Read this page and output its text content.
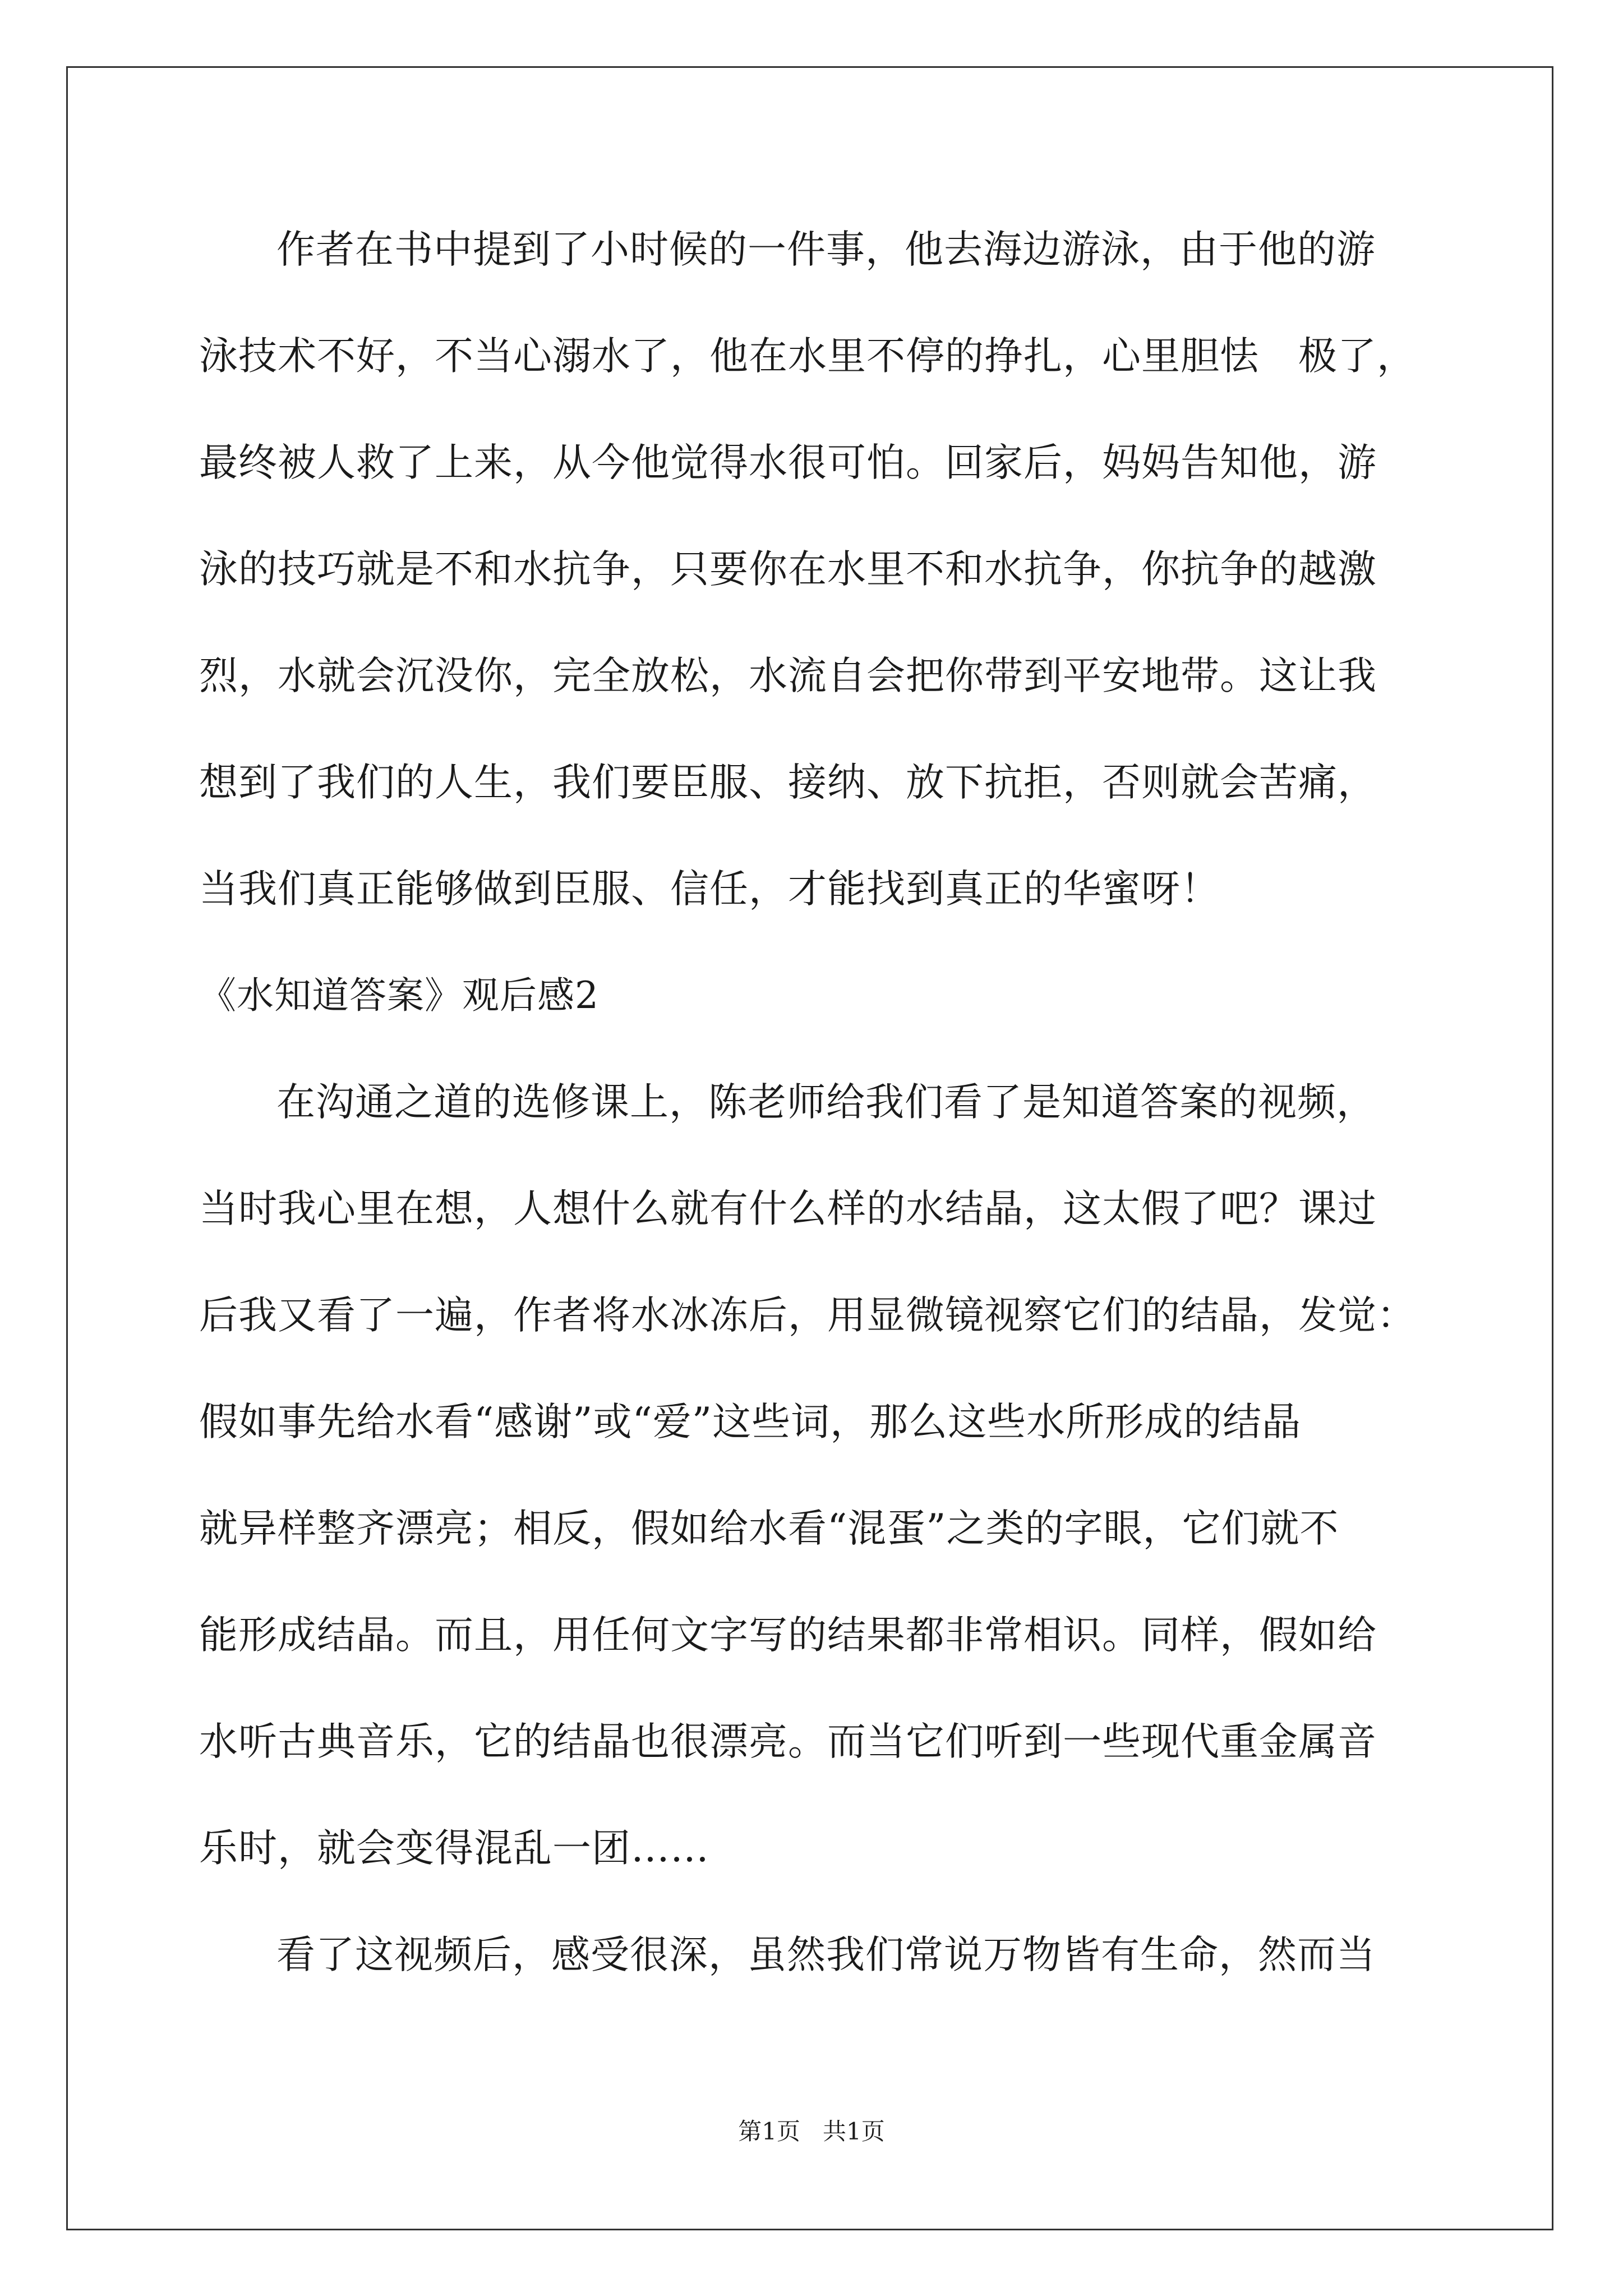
作者在书中提到了小时候的一件事，他去海边游泳，由于他的游
泳技术不好，不当心溺水了，他在水里不停的挣扎，心里胆怯　极了，
最终被人救了上来，从今他觉得水很可怕。回家后，妈妈告知他，游
泳的技巧就是不和水抗争，只要你在水里不和水抗争，你抗争的越激
烈，水就会沉没你，完全放松，水流自会把你带到平安地带。这让我
想到了我们的人生，我们要臣服、接纳、放下抗拒，否则就会苦痛，
当我们真正能够做到臣服、信任，才能找到真正的华蜜呀！
《水知道答案》观后感2
在沟通之道的选修课上，陈老师给我们看了是知道答案的视频，
当时我心里在想，人想什么就有什么样的水结晶，这太假了吧？课过
后我又看了一遍，作者将水冰冻后，用显微镜视察它们的结晶，发觉：
假如事先给水看“感谢”或“爱”这些词，那么这些水所形成的结晶
就异样整齐漂亮；相反，假如给水看“混蛋”之类的字眼，它们就不
能形成结晶。而且，用任何文字写的结果都非常相识。同样，假如给
水听古典音乐，它的结晶也很漂亮。而当它们听到一些现代重金属音
乐时，就会变得混乱一团……
看了这视频后，感受很深，虽然我们常说万物皆有生命，然而当
第1页 共1页
